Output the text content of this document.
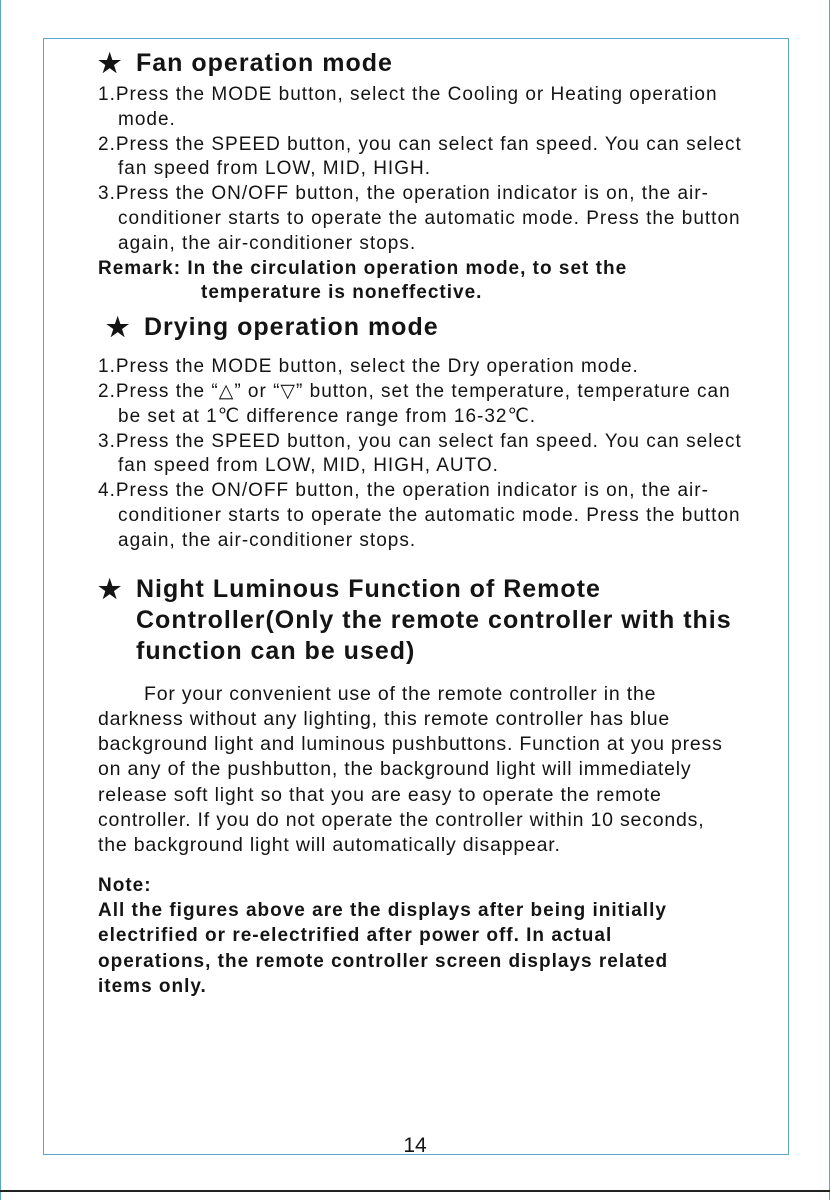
★ Fan operation mode
1.Press the MODE button, select the Cooling or Heating operation mode.
2.Press the SPEED button, you can select fan speed. You can select fan speed from LOW, MID, HIGH.
3.Press the ON/OFF button, the operation indicator is on, the air-conditioner starts to operate the automatic mode. Press the button again, the air-conditioner stops.
Remark: In the circulation operation mode, to set the
temperature is noneffective.
★ Drying operation mode
1.Press the MODE button, select the Dry operation mode.
2.Press the “△” or “▽” button, set the temperature, temperature can be set at 1℃ difference range from 16-32℃.
3.Press the SPEED button, you can select fan speed. You can select fan speed from LOW, MID, HIGH, AUTO.
4.Press the ON/OFF button, the operation indicator is on, the air-conditioner starts to operate the automatic mode. Press the button again, the air-conditioner stops.
★ Night Luminous Function of Remote Controller(Only the remote controller with this function can be used)
For your convenient use of the remote controller in the darkness without any lighting, this remote controller has blue background light and luminous pushbuttons. Function at you press on any of the pushbutton, the background light will immediately release soft light so that you are easy to operate the remote controller. If you do not operate the controller within 10 seconds, the background light will automatically disappear.
Note:
All the figures above are the displays after being initially electrified or re-electrified after power off. In actual operations, the remote controller screen displays related items only.
14
